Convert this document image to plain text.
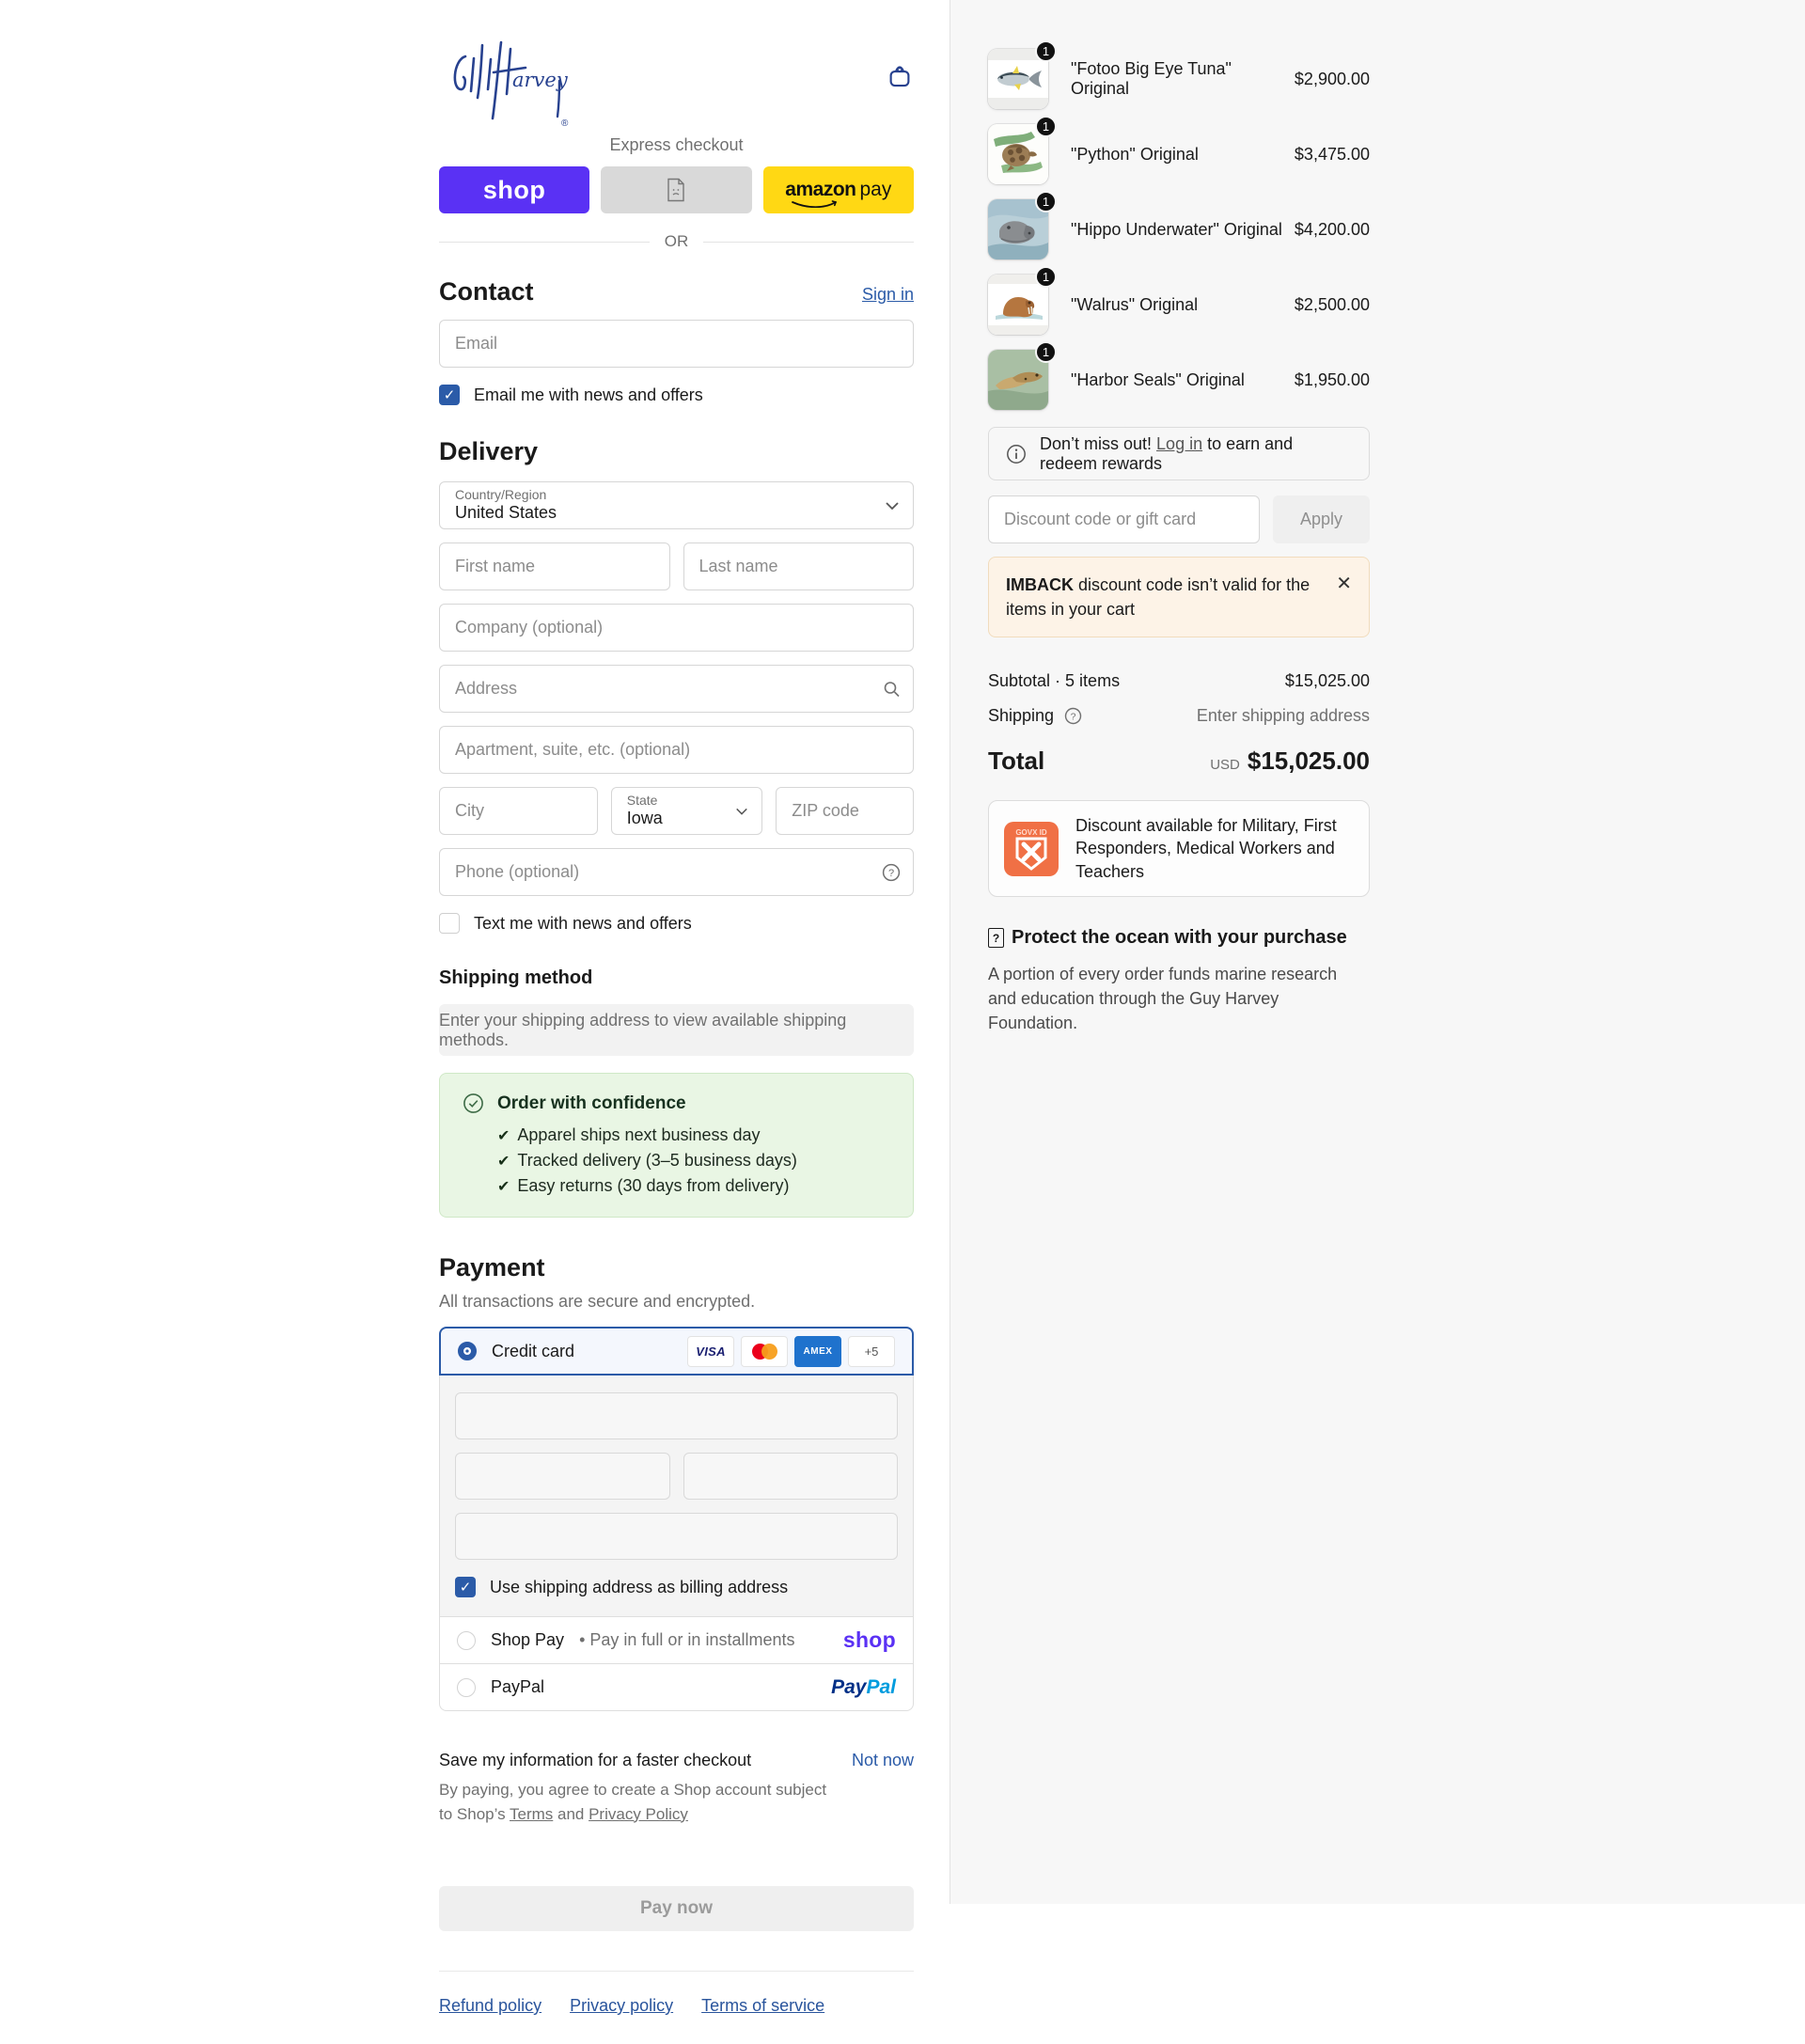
arvey
®
Express checkout
shop	amazon pay
OR
Contact	Sign in
Email
✓ Email me with news and offers
Delivery
Country/Region
United States
First name
Last name
Company (optional)
Address
Apartment, suite, etc. (optional)
City
State
Iowa
ZIP code
Phone (optional)
?
Text me with news and offers
Shipping method
Enter your shipping address to view available shipping methods.
Order with confidence
✔ Apparel ships next business day
✔ Tracked delivery (3–5 business days)
✔ Easy returns (30 days from delivery)
Payment
All transactions are secure and encrypted.
Credit card	VISA	AMEX	+5
✓ Use shipping address as billing address
Shop Pay • Pay in full or in installments shop
PayPal	PayPal
Save my information for a faster checkout
By paying, you agree to create a Shop account subject to Shop’s Terms and Privacy Policy
Not now
Pay now
Refund policy Privacy policy Terms of service
1
"Fotoo Big Eye Tuna" Original
$2,900.00
1
"Python" Original	$3,475.00
1
"Hippo Underwater" Original $4,200.00
1
"Walrus" Original	$2,500.00
1
"Harbor Seals" Original	$1,950.00
Don’t miss out! Log in to earn and redeem rewards
Discount code or gift card
Apply
IMBACK discount code isn’t valid for the items in your cart
✕
Subtotal · 5 items	$15,025.00
Shipping ?	Enter shipping address
Total	USD $15,025.00
GOVX ID Discount available for Military, First Responders, Medical Workers and Teachers
? Protect the ocean with your purchase
A portion of every order funds marine research and education through the Guy Harvey Foundation.
